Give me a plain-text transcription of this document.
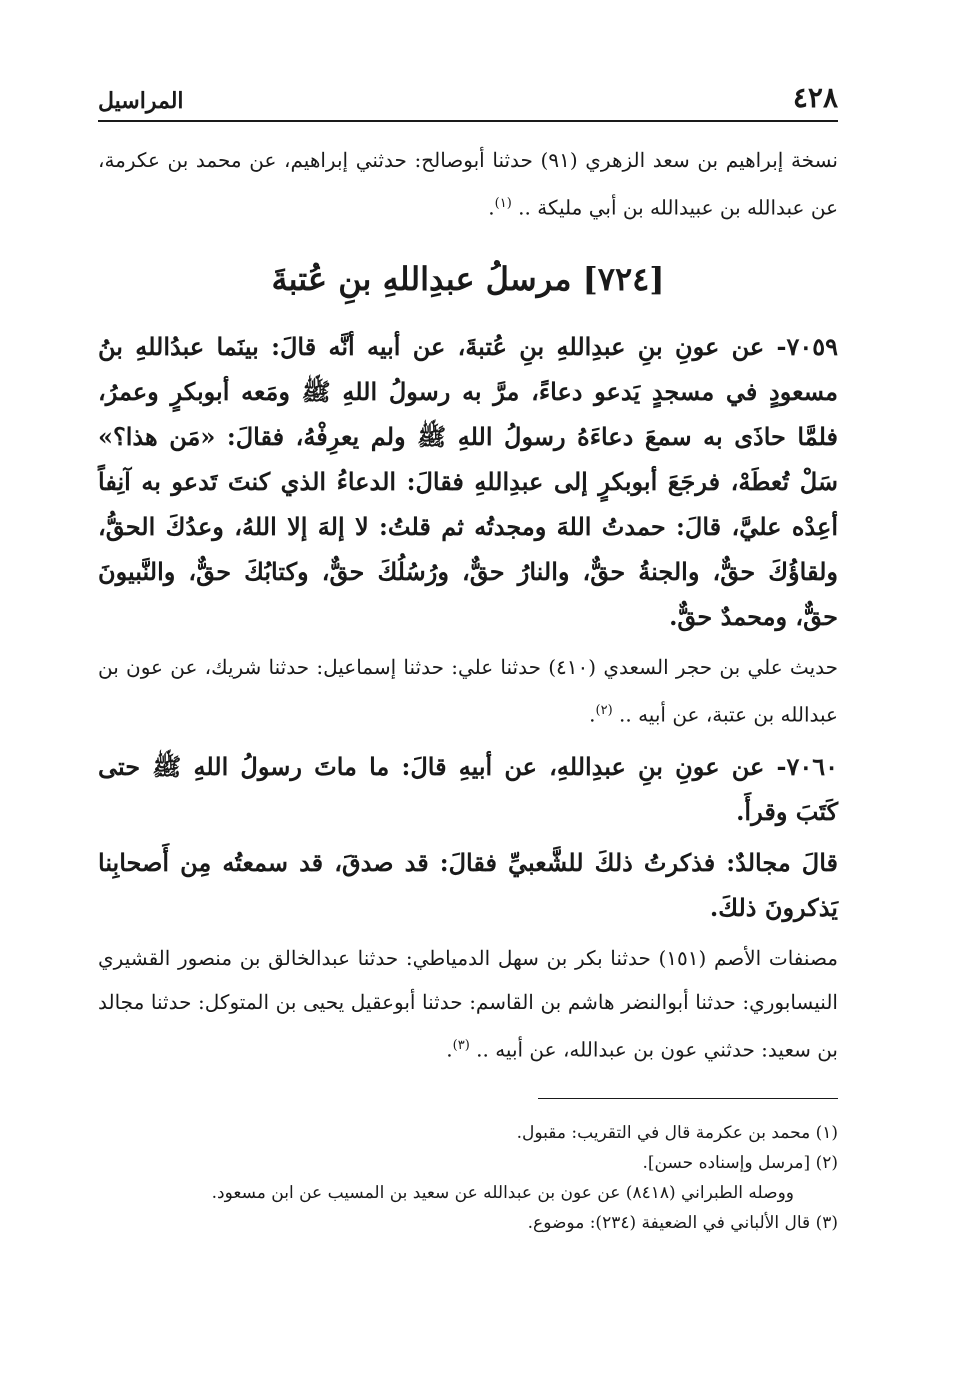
٤٢٨
المراسيل

نسخة إبراهيم بن سعد الزهري (٩١) حدثنا أبوصالح: حدثني إبراهيم، عن محمد بن عكرمة، عن عبدالله بن عبيدالله بن أبي مليكة .. $^{(١)}$.

[٧٢٤] مرسلُ عبدِاللهِ بنِ عُتبةَ

٧٠٥٩- عن عونِ بنِ عبدِاللهِ بنِ عُتبةَ، عن أبيه أنَّه قالَ: بينَما عبدُاللهِ بنُ مسعودٍ في مسجدٍ يَدعو دعاءً، مرَّ به رسولُ اللهِ ﷺ ومَعه أبوبكرٍ وعمرُ، فلمَّا حاذَى به سمعَ دعاءَهُ رسولُ اللهِ ﷺ ولم يعرِفْهُ، فقالَ: «مَن هذا؟» سَلْ تُعطَهْ، فرجَعَ أبوبكرٍ إلى عبدِاللهِ فقالَ: الدعاءُ الذي كنتَ تَدعو به آنِفاً أعِدْه عليَّ، قالَ: حمدتُ اللهَ ومجدتُه ثم قلتُ: لا إلهَ إلا اللهُ، وعدُكَ الحقُّ، ولقاؤُكَ حقٌّ، والجنةُ حقٌّ، والنارُ حقٌّ، ورُسُلُكَ حقٌّ، وكتابُكَ حقٌّ، والنَّبيونَ حقٌّ، ومحمدٌ حقٌّ.

حديث علي بن حجر السعدي (٤١٠) حدثنا علي: حدثنا إسماعيل: حدثنا شريك، عن عون بن عبدالله بن عتبة، عن أبيه .. $^{(٢)}$.

٧٠٦٠- عن عونِ بنِ عبدِاللهِ، عن أبيهِ قالَ: ما ماتَ رسولُ اللهِ ﷺ حتى كَتَبَ وقرأَ.

قالَ مجالدٌ: فذكرتُ ذلكَ للشَّعبيِّ فقالَ: قد صدقَ، قد سمعتُه مِن أَصحابِنا يَذكرونَ ذلكَ.

مصنفات الأصم (١٥١) حدثنا بكر بن سهل الدمياطي: حدثنا عبدالخالق بن منصور القشيري النيسابوري: حدثنا أبوالنضر هاشم بن القاسم: حدثنا أبوعقيل يحيى بن المتوكل: حدثنا مجالد بن سعيد: حدثني عون بن عبدالله، عن أبيه .. $^{(٣)}$.

(١) محمد بن عكرمة قال في التقريب: مقبول.

(٢) [مرسل وإسناده حسن].

ووصله الطبراني (٨٤١٨) عن عون بن عبدالله عن سعيد بن المسيب عن ابن مسعود.

(٣) قال الألباني في الضعيفة (٢٣٤): موضوع.
